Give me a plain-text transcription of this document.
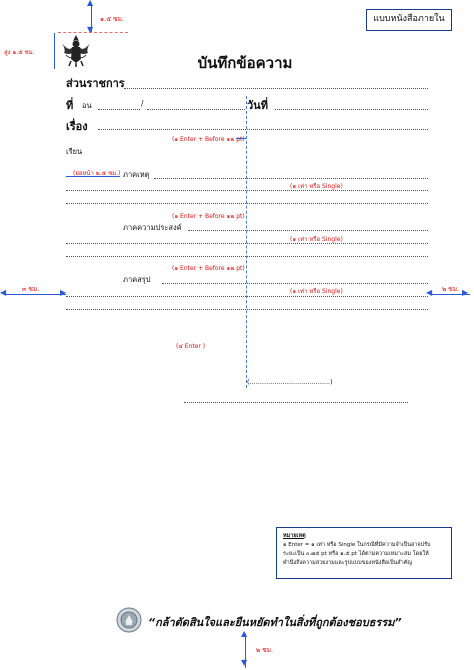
แบบหนังสือภายใน
▲
▼
๑.๕ ซม.
สูง ๑.๕ ซม.
บันทึกข้อความ
ส่วนราชการ
ที่ อน	/	วันที่
เรื่อง
(๑ Enter + Before ๑๒ pt)
เรียน
(ย่อหน้า ๒.๕ ซม.) ภาคเหตุ
(๑ เท่า หรือ Single)
(๑ Enter + Before ๑๒ pt)
ภาคความประสงค์
(๑ เท่า หรือ Single)
(๑ Enter + Before ๑๒ pt)
ภาคสรุป
(๑ เท่า หรือ Single)
๓ ซม.
◀	▶	๒ ซม.
◀	▶
(๔ Enter )
(.......................................)
หมายเหตุ
๑ Enter = ๑ เท่า หรือ Single ในกรณีที่มีความจำเป็นอาจปรับ
ระยะเป็น ๐.๗๕ pt หรือ ๑.๕ pt ได้ตามความเหมาะสม โดยให้
คำนึงถึงความสวยงามและรูปแบบของหนังสือเป็นสำคัญ
“กล้าตัดสินใจและยืนหยัดทำในสิ่งที่ถูกต้องชอบธรรม”
▲
▼
๒ ซม.
